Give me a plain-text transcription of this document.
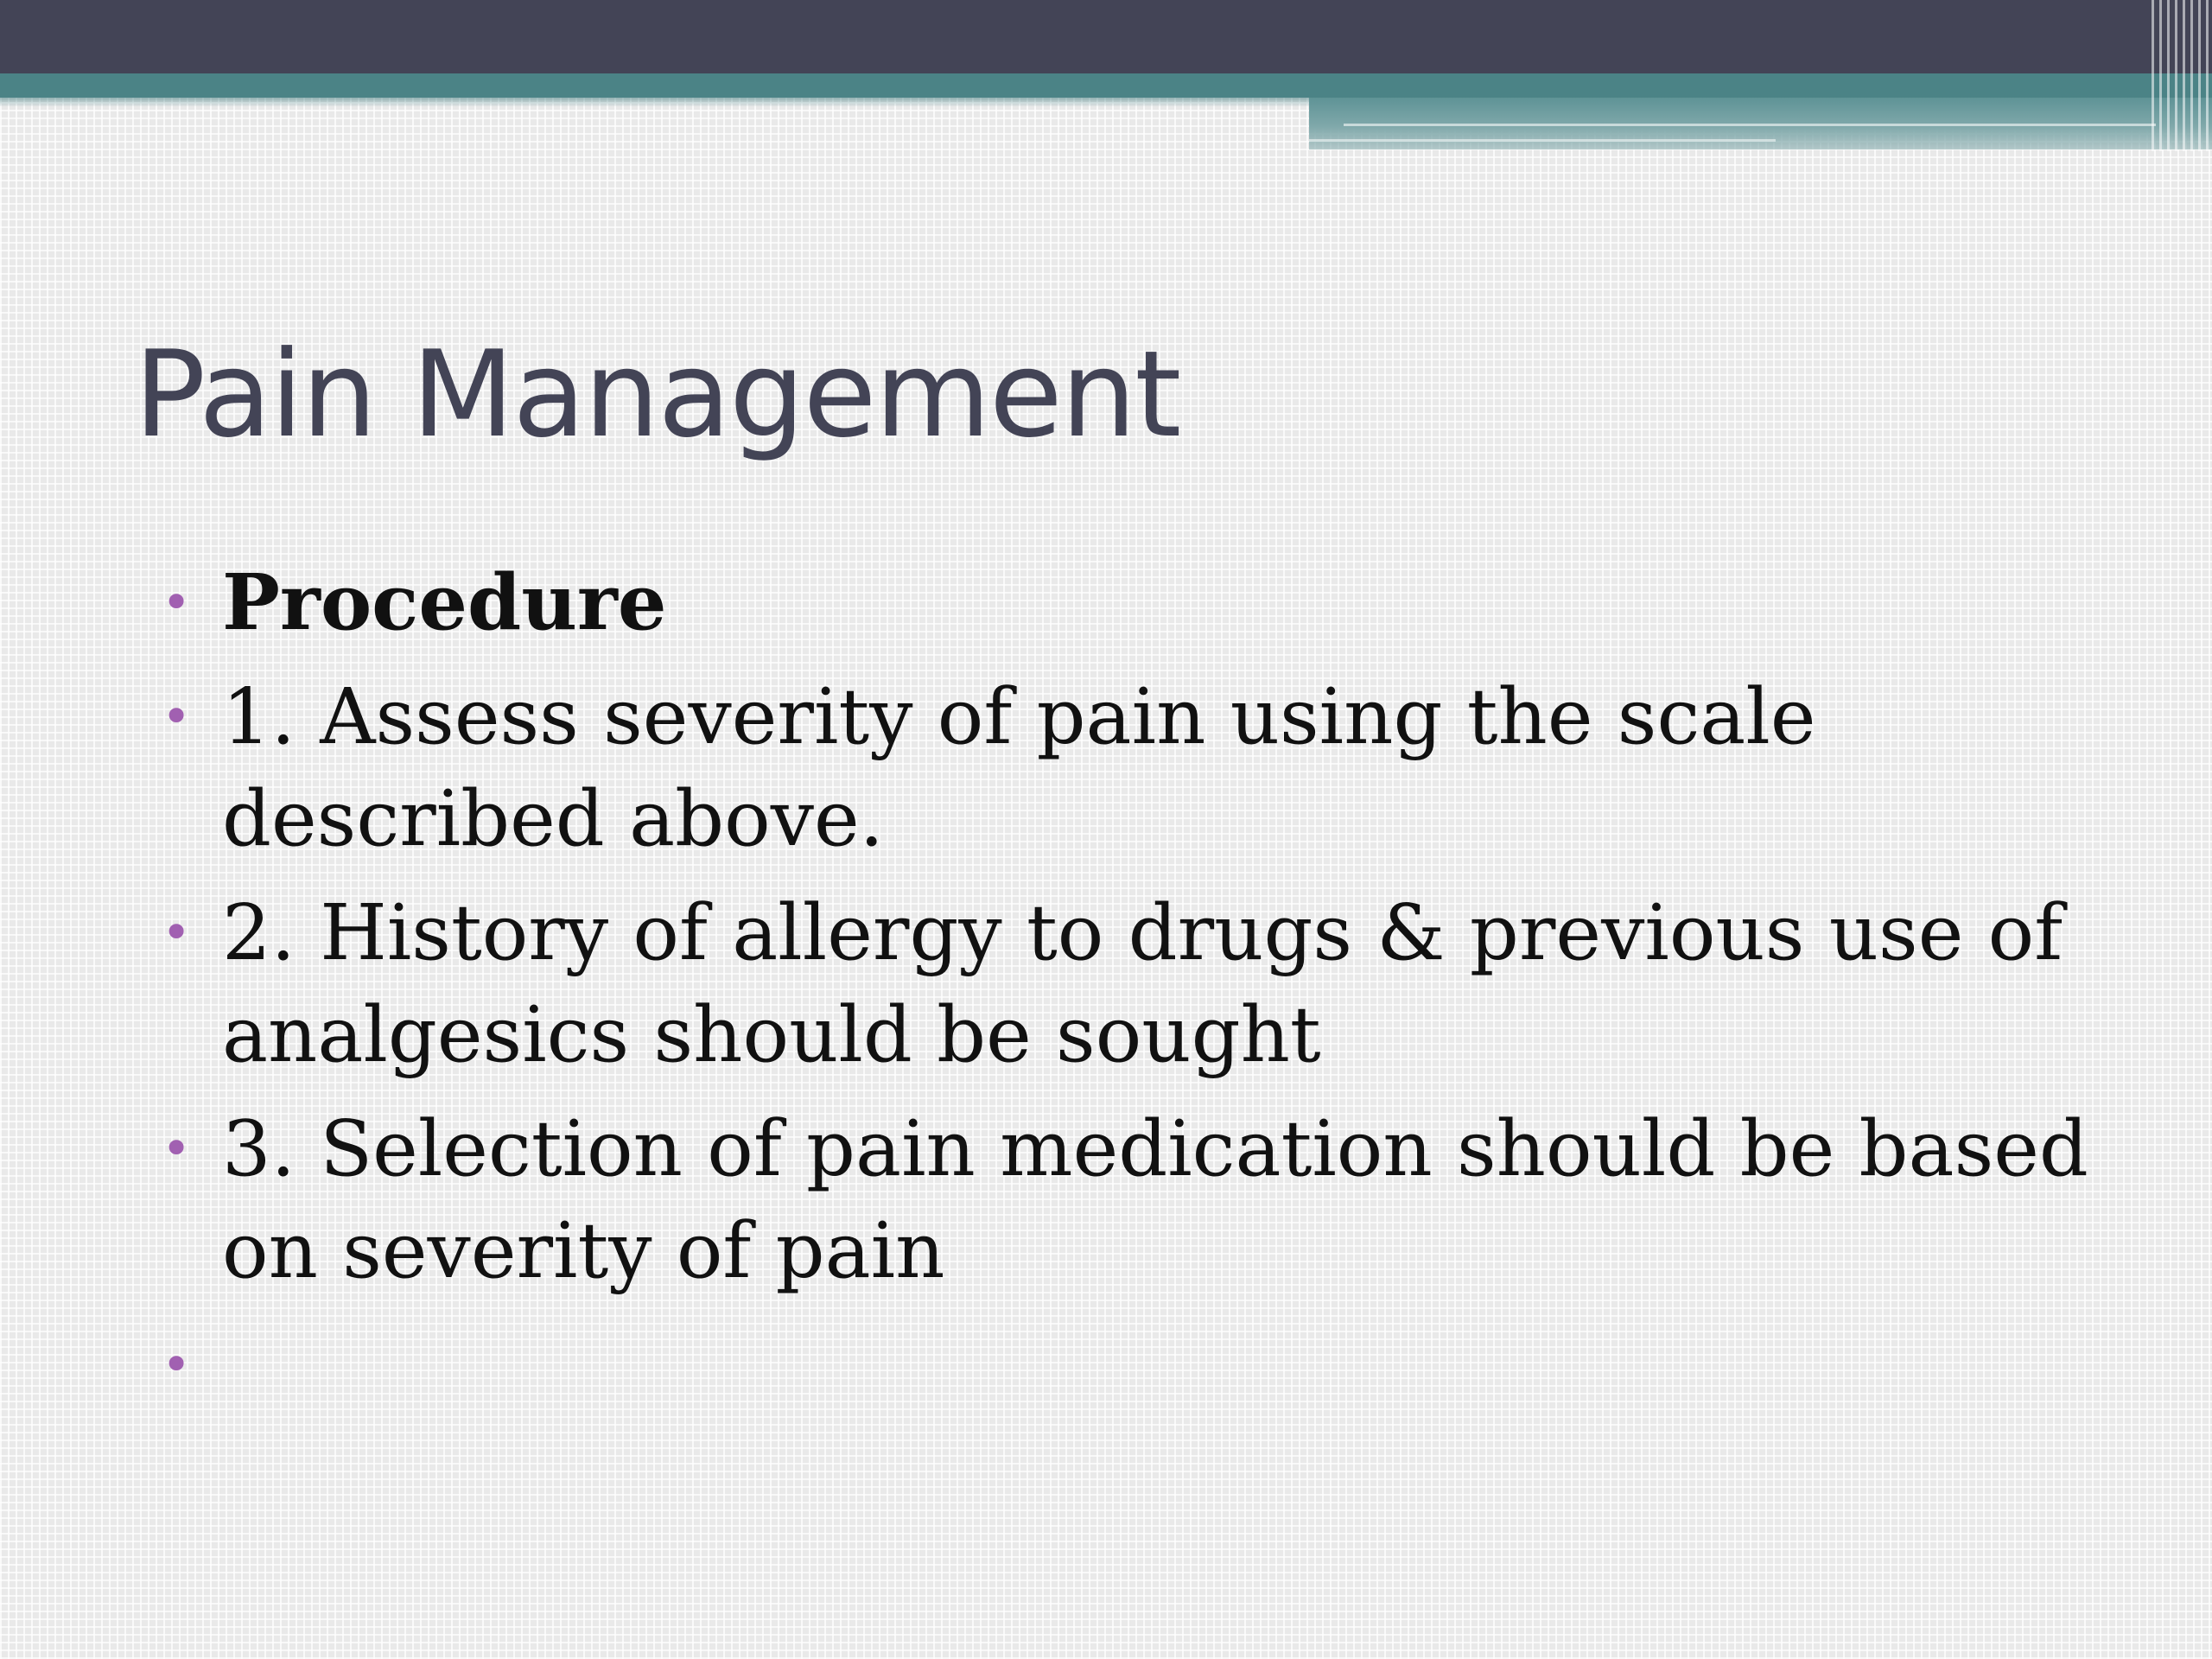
Pain Management
• Procedure
• 1. Assess severity of pain using the scale described above.
• 2. History of allergy to drugs & previous use of analgesics should be sought
• 3. Selection of pain medication should be based on severity of pain
•
